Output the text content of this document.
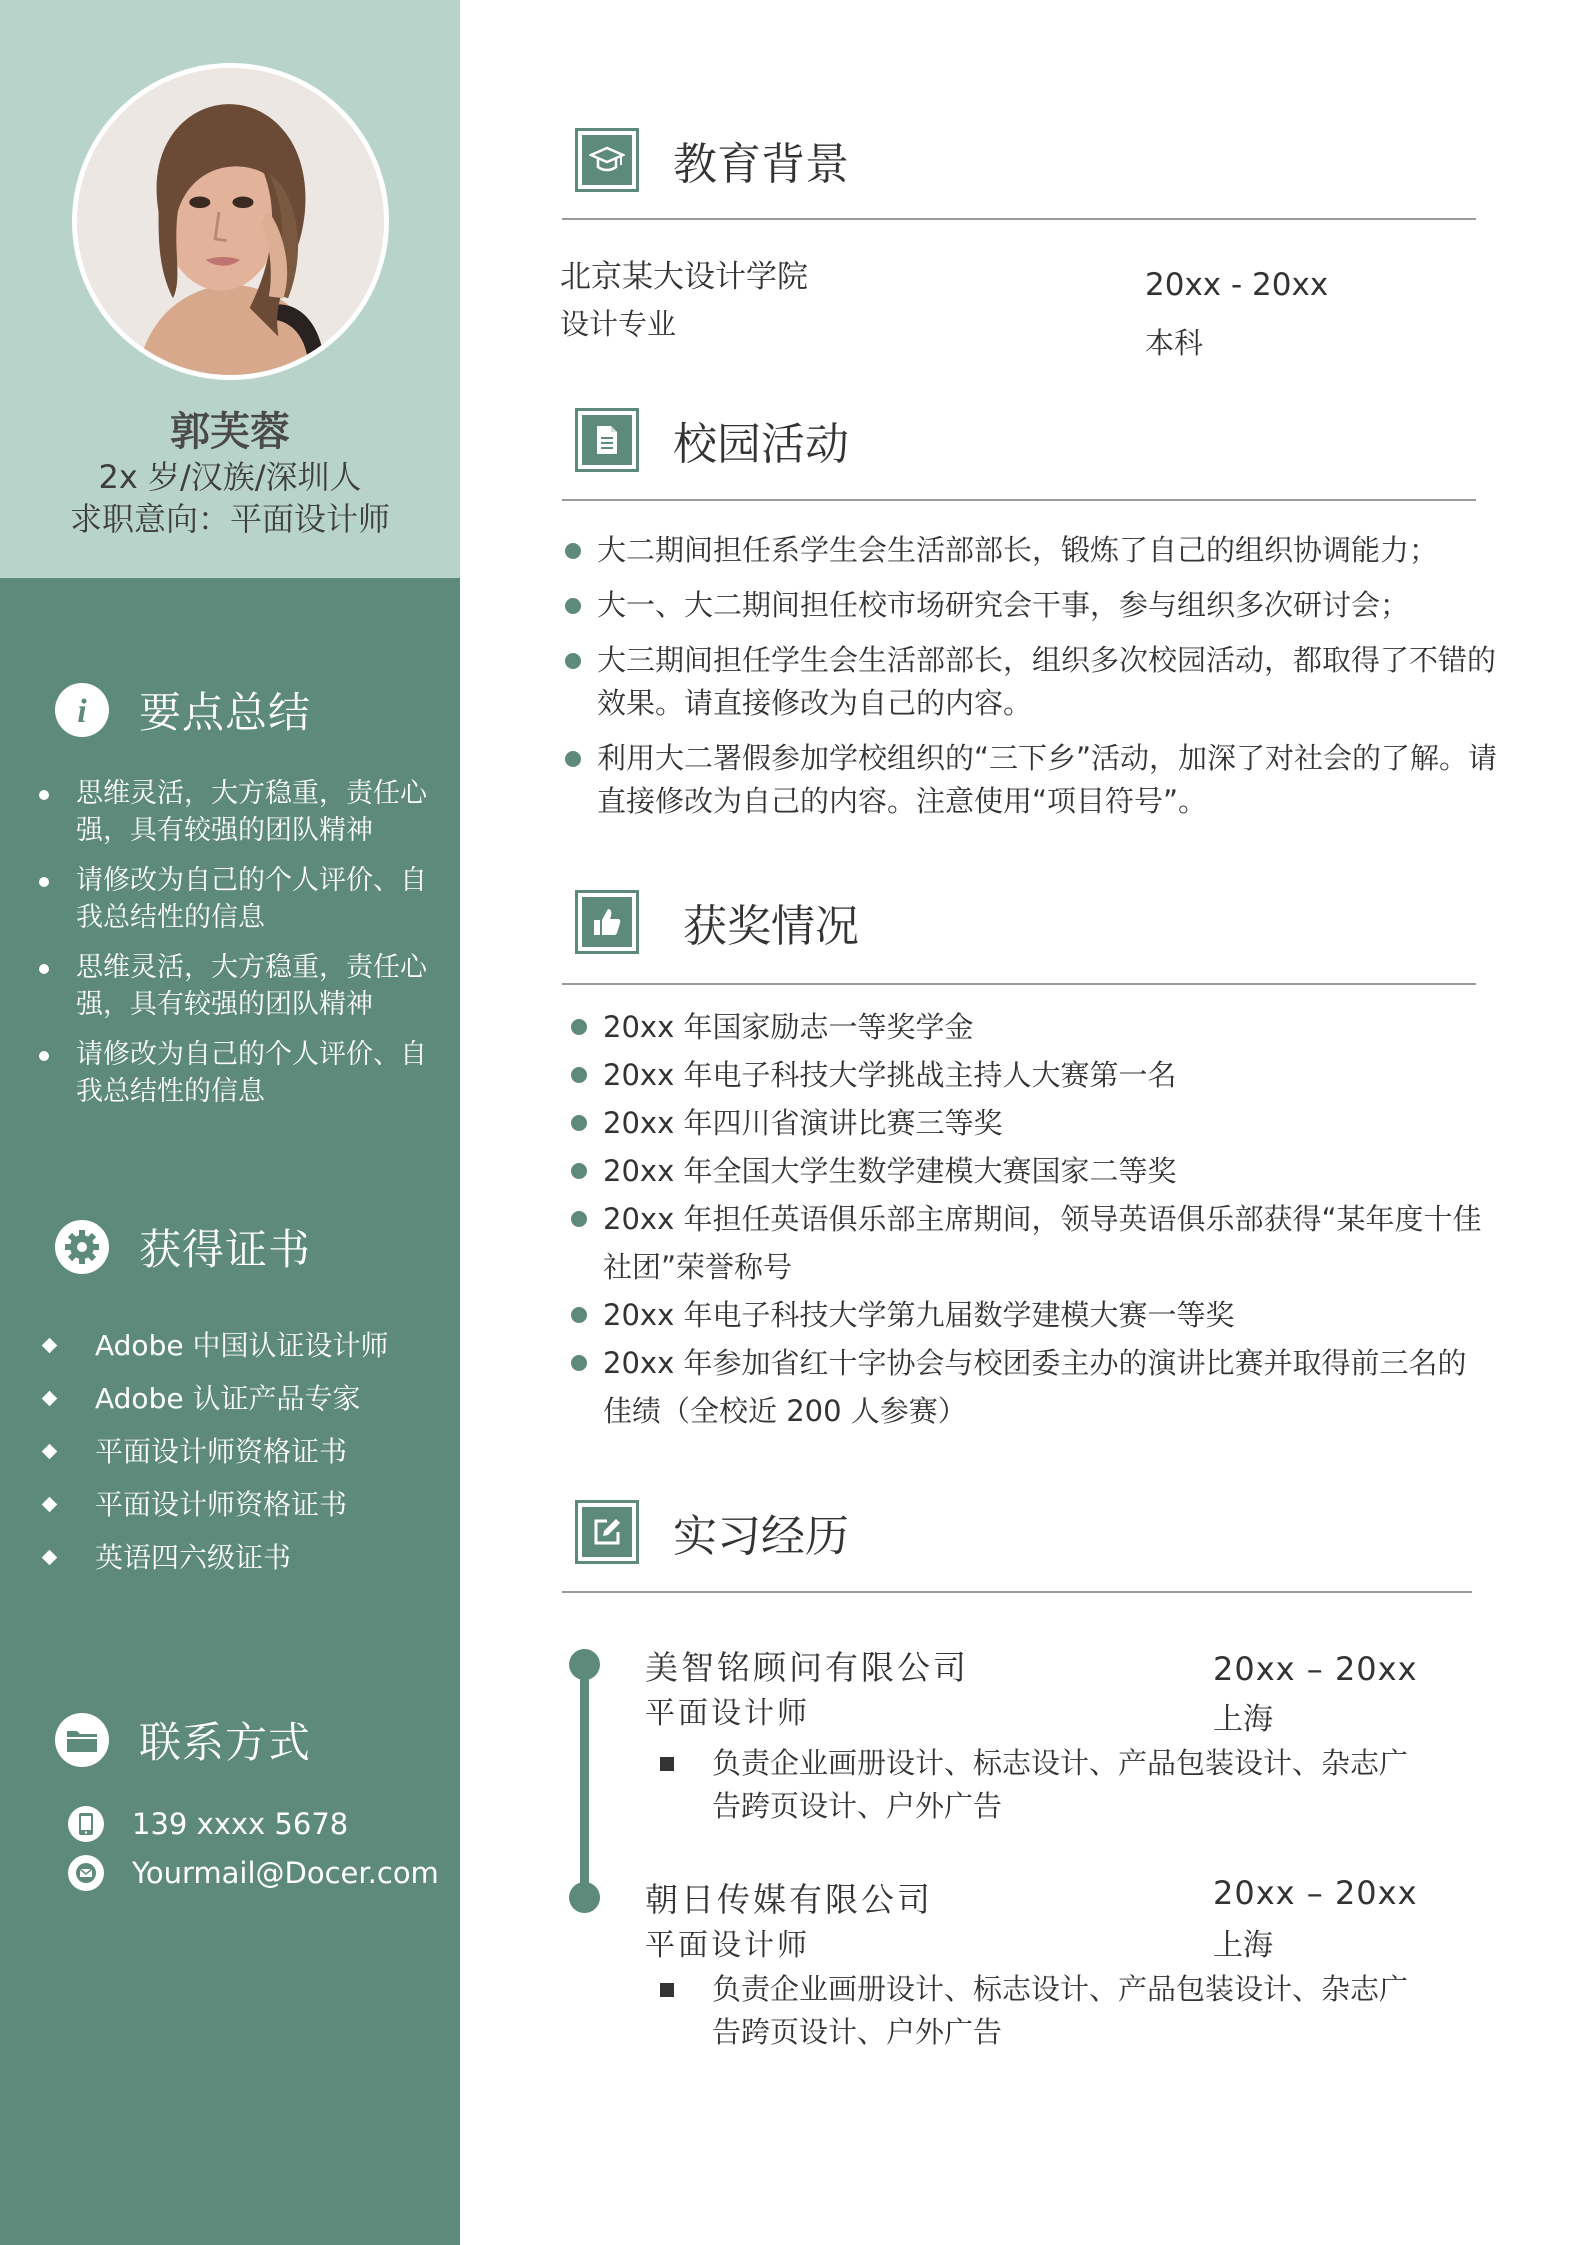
郭芙蓉
2x 岁/汉族/深圳人
求职意向：平面设计师
i 要点总结
思维灵活，大方稳重，责任心强，具有较强的团队精神
请修改为自己的个人评价、自我总结性的信息
思维灵活，大方稳重，责任心强，具有较强的团队精神
请修改为自己的个人评价、自我总结性的信息
获得证书
Adobe 中国认证设计师
Adobe 认证产品专家
平面设计师资格证书
平面设计师资格证书
英语四六级证书
联系方式
139 xxxx 5678
Yourmail@Docer.com
教育背景
北京某大设计学院
设计专业
20xx - 20xx
本科
校园活动
大二期间担任系学生会生活部部长，锻炼了自己的组织协调能力；
大一、大二期间担任校市场研究会干事，参与组织多次研讨会；
大三期间担任学生会生活部部长，组织多次校园活动，都取得了不错的效果。请直接修改为自己的内容。
利用大二署假参加学校组织的“三下乡”活动，加深了对社会的了解。请直接修改为自己的内容。注意使用“项目符号”。
获奖情况
20xx 年国家励志一等奖学金
20xx 年电子科技大学挑战主持人大赛第一名
20xx 年四川省演讲比赛三等奖
20xx 年全国大学生数学建模大赛国家二等奖
20xx 年担任英语俱乐部主席期间，领导英语俱乐部获得“某年度十佳社团”荣誉称号
20xx 年电子科技大学第九届数学建模大赛一等奖
20xx 年参加省红十字协会与校团委主办的演讲比赛并取得前三名的佳绩（全校近 200 人参赛）
实习经历
美智铭顾问有限公司
平面设计师
20xx – 20xx
上海
负责企业画册设计、标志设计、产品包装设计、杂志广告跨页设计、户外广告
朝日传媒有限公司
平面设计师
20xx – 20xx
上海
负责企业画册设计、标志设计、产品包装设计、杂志广告跨页设计、户外广告
